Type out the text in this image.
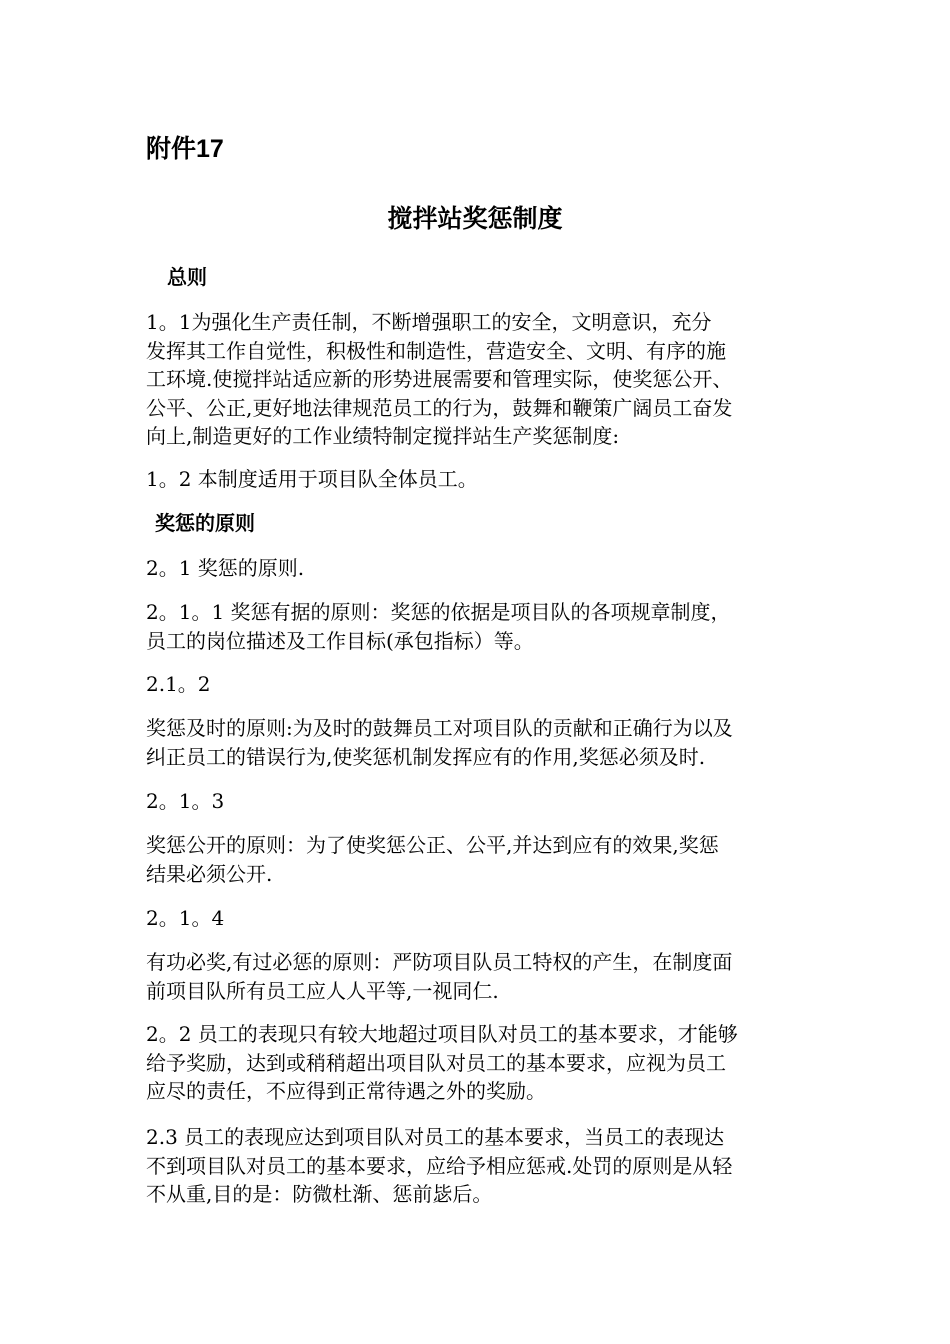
附件17
搅拌站奖惩制度
总则
1。1为强化生产责任制，不断增强职工的安全，文明意识，充分
发挥其工作自觉性，积极性和制造性，营造安全、文明、有序的施
工环境.使搅拌站适应新的形势进展需要和管理实际，使奖惩公开、
公平、公正,更好地法律规范员工的行为，鼓舞和鞭策广阔员工奋发
向上,制造更好的工作业绩特制定搅拌站生产奖惩制度:
1。2 本制度适用于项目队全体员工。
奖惩的原则
2。1 奖惩的原则.
2。1。1 奖惩有据的原则：奖惩的依据是项目队的各项规章制度，
员工的岗位描述及工作目标(承包指标）等。
2.1。2
奖惩及时的原则:为及时的鼓舞员工对项目队的贡献和正确行为以及
纠正员工的错误行为,使奖惩机制发挥应有的作用,奖惩必须及时.
2。1。3
奖惩公开的原则：为了使奖惩公正、公平,并达到应有的效果,奖惩
结果必须公开.
2。1。4
有功必奖,有过必惩的原则：严防项目队员工特权的产生，在制度面
前项目队所有员工应人人平等,一视同仁.
2。2 员工的表现只有较大地超过项目队对员工的基本要求，才能够
给予奖励，达到或稍稍超出项目队对员工的基本要求，应视为员工
应尽的责任，不应得到正常待遇之外的奖励。
2.3 员工的表现应达到项目队对员工的基本要求，当员工的表现达
不到项目队对员工的基本要求，应给予相应惩戒.处罚的原则是从轻
不从重,目的是：防微杜渐、惩前毖后。
